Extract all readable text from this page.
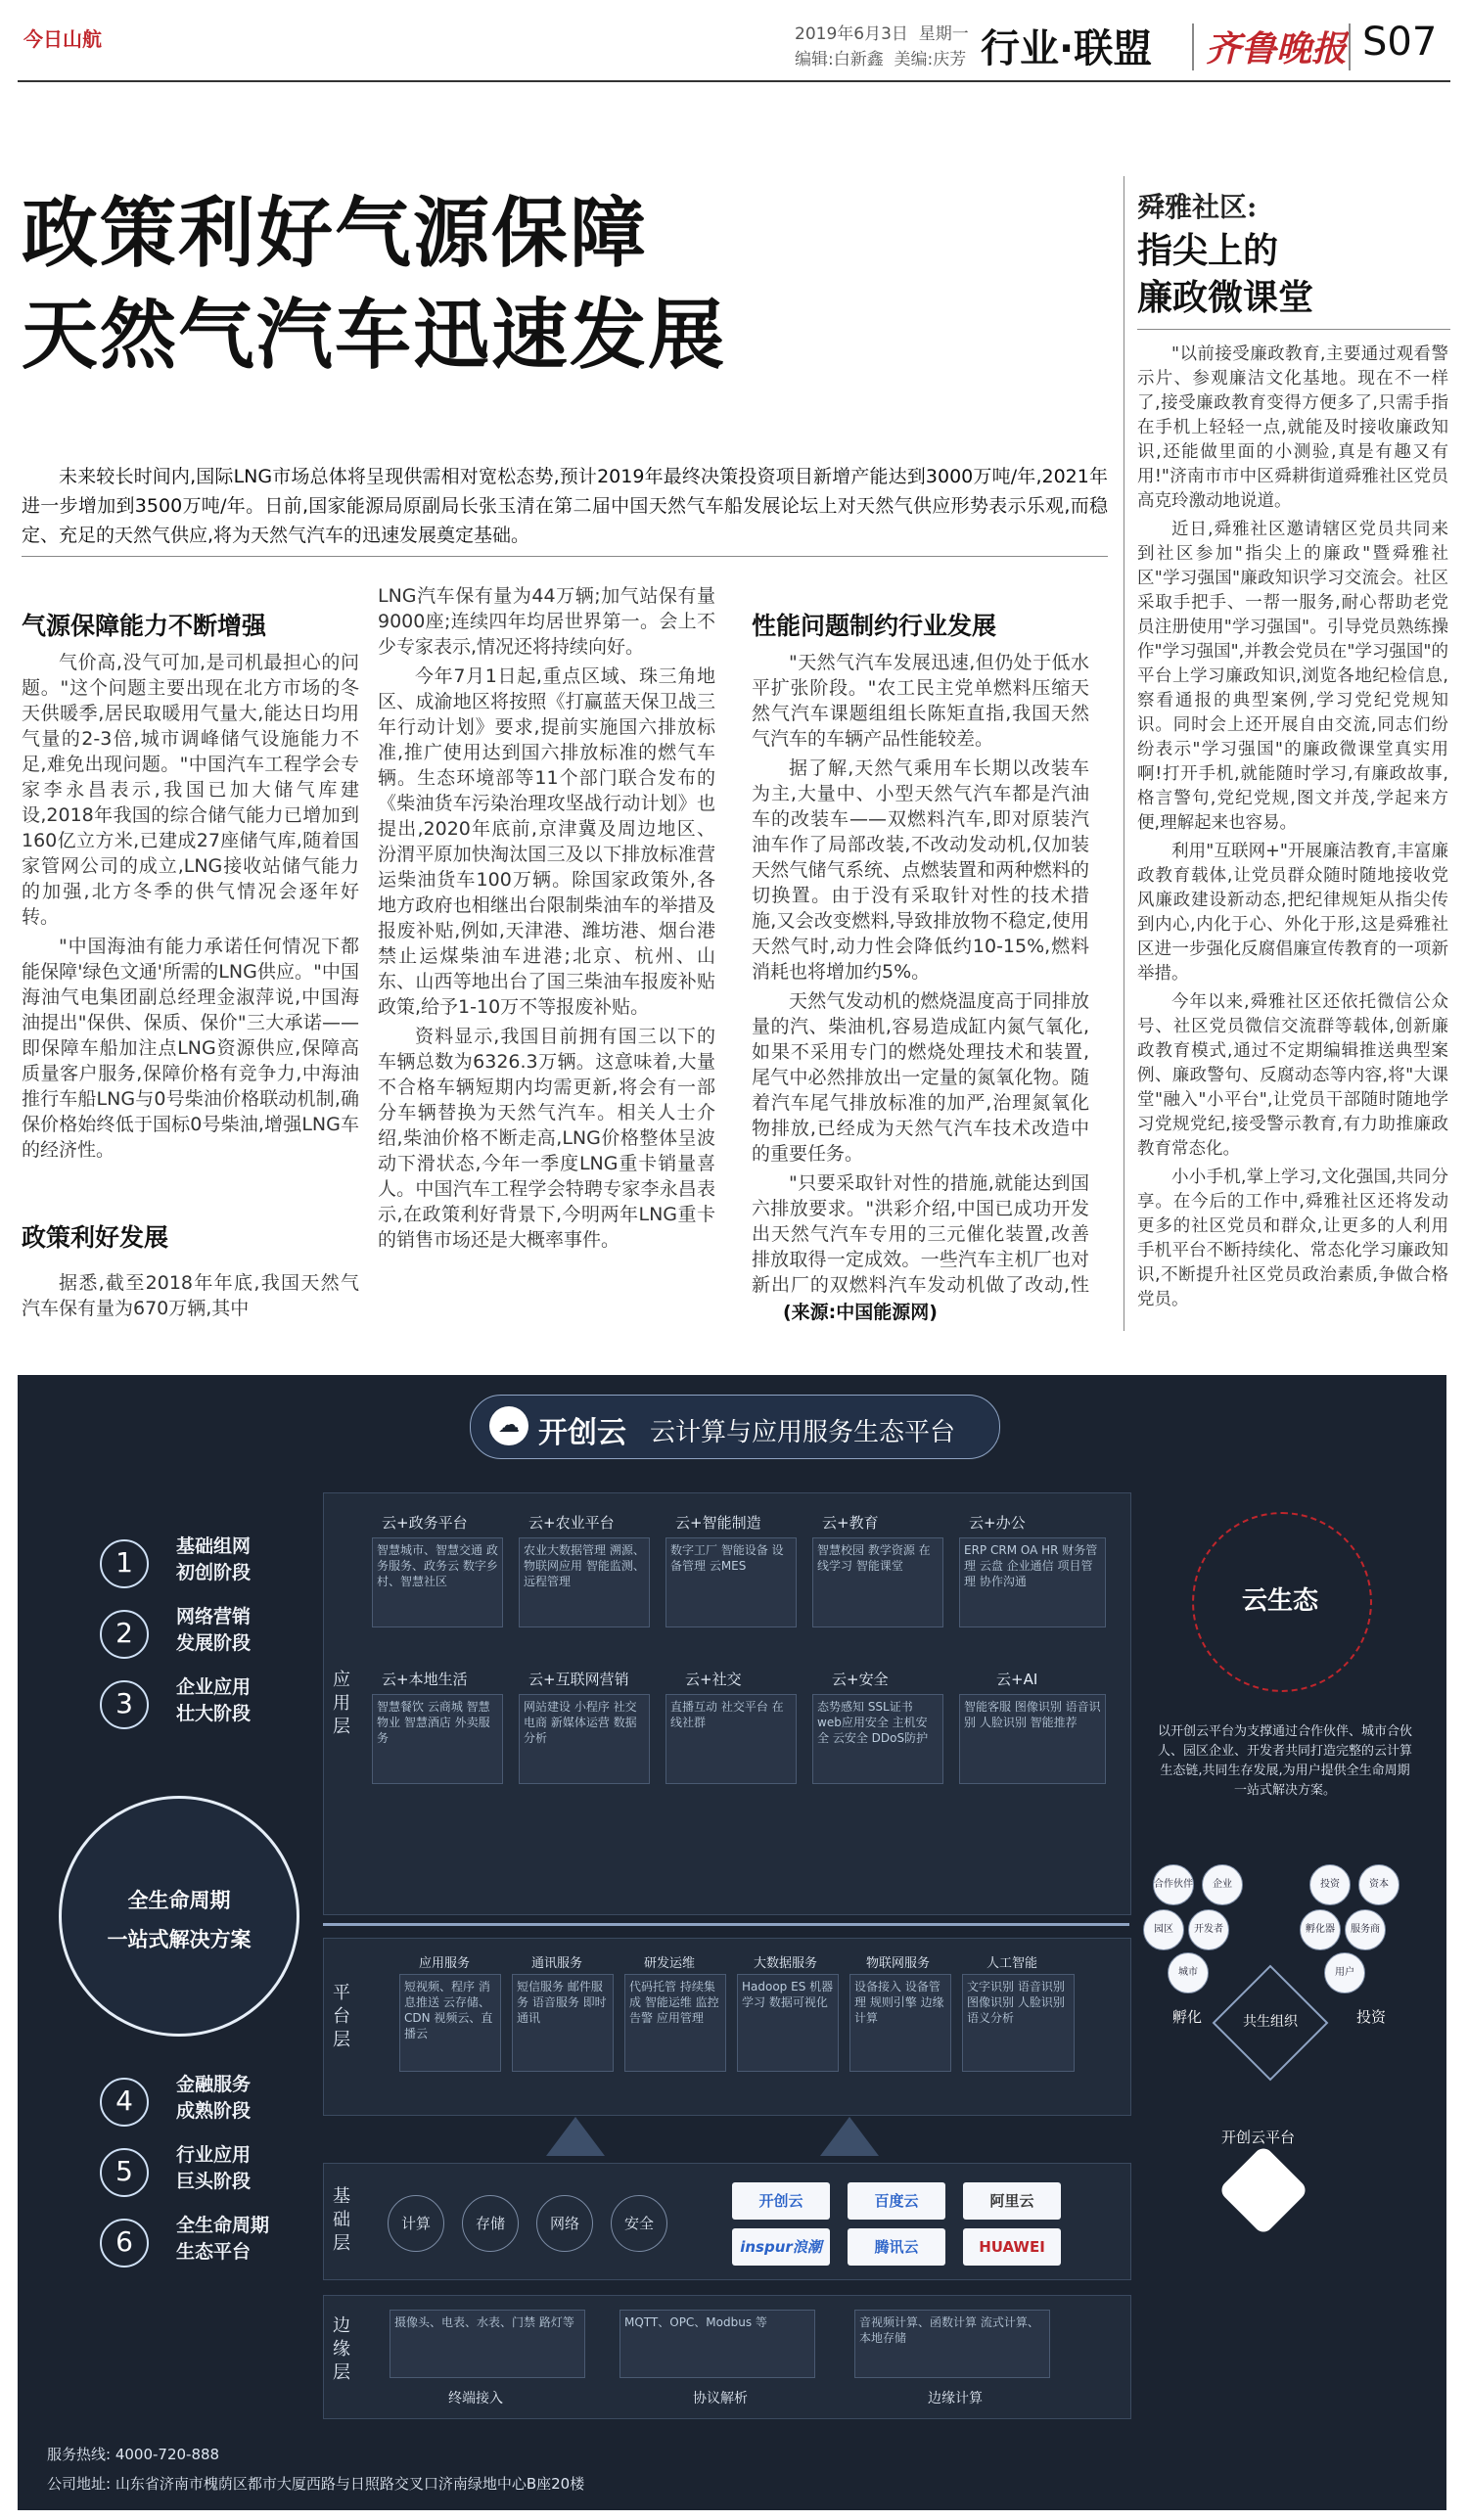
今日山航	2019年6月3日 星期一
编辑:白新鑫 美编:庆芳 行业·联盟 齐鲁晚报 S07
政策利好气源保障
天然气汽车迅速发展

未来较长时间内,国际LNG市场总体将呈现供需相对宽松态势,预计2019年最终决策投资项目新增产能达到3000万吨/年,2021年进一步增加到3500万吨/年。日前,国家能源局原副局长张玉清在第二届中国天然气车船发展论坛上对天然气供应形势表示乐观,而稳定、充足的天然气供应,将为天然气汽车的迅速发展奠定基础。

气源保障能力不断增强

气价高,没气可加,是司机最担心的问题。"这个问题主要出现在北方市场的冬天供暖季,居民取暖用气量大,能达日均用气量的2-3倍,城市调峰储气设施能力不足,难免出现问题。"中国汽车工程学会专家李永昌表示,我国已加大储气库建设,2018年我国的综合储气能力已增加到160亿立方米,已建成27座储气库,随着国家管网公司的成立,LNG接收站储气能力的加强,北方冬季的供气情况会逐年好转。

"中国海油有能力承诺任何情况下都能保障'绿色文通'所需的LNG供应。"中国海油气电集团副总经理金淑萍说,中国海油提出"保供、保质、保价"三大承诺——即保障车船加注点LNG资源供应,保障高质量客户服务,保障价格有竞争力,中海油推行车船LNG与0号柴油价格联动机制,确保价格始终低于国标0号柴油,增强LNG车的经济性。

政策利好发展

据悉,截至2018年年底,我国天然气汽车保有量为670万辆,其中

LNG汽车保有量为44万辆;加气站保有量9000座;连续四年均居世界第一。会上不少专家表示,情况还将持续向好。

今年7月1日起,重点区域、珠三角地区、成渝地区将按照《打赢蓝天保卫战三年行动计划》要求,提前实施国六排放标准,推广使用达到国六排放标准的燃气车辆。生态环境部等11个部门联合发布的《柴油货车污染治理攻坚战行动计划》也提出,2020年底前,京津冀及周边地区、汾渭平原加快淘汰国三及以下排放标准营运柴油货车100万辆。除国家政策外,各地方政府也相继出台限制柴油车的举措及报废补贴,例如,天津港、潍坊港、烟台港禁止运煤柴油车进港;北京、杭州、山东、山西等地出台了国三柴油车报废补贴政策,给予1-10万不等报废补贴。

资料显示,我国目前拥有国三以下的车辆总数为6326.3万辆。这意味着,大量不合格车辆短期内均需更新,将会有一部分车辆替换为天然气汽车。相关人士介绍,柴油价格不断走高,LNG价格整体呈波动下滑状态,今年一季度LNG重卡销量喜人。中国汽车工程学会特聘专家李永昌表示,在政策利好背景下,今明两年LNG重卡的销售市场还是大概率事件。

性能问题制约行业发展

"天然气汽车发展迅速,但仍处于低水平扩张阶段。"农工民主党单燃料压缩天然气汽车课题组组长陈矩直指,我国天然气汽车的车辆产品性能较差。

据了解,天然气乘用车长期以改装车为主,大量中、小型天然气汽车都是汽油车的改装车——双燃料汽车,即对原装汽油车作了局部改装,不改动发动机,仅加装天然气储气系统、点燃装置和两种燃料的切换置。由于没有采取针对性的技术措施,又会改变燃料,导致排放物不稳定,使用天然气时,动力性会降低约10-15%,燃料消耗也将增加约5%。

天然气发动机的燃烧温度高于同排放量的汽、柴油机,容易造成缸内氮气氧化,如果不采用专门的燃烧处理技术和装置,尾气中必然排放出一定量的氮氧化物。随着汽车尾气排放标准的加严,治理氮氧化物排放,已经成为天然气汽车技术改造中的重要任务。

"只要采取针对性的措施,就能达到国六排放要求。"洪彩介绍,中国已成功开发出天然气汽车专用的三元催化装置,改善排放取得一定成效。一些汽车主机厂也对新出厂的双燃料汽车发动机做了改动,性

(来源:中国能源网)
舜雅社区:
指尖上的
廉政微课堂

"以前接受廉政教育,主要通过观看警示片、参观廉洁文化基地。现在不一样了,接受廉政教育变得方便多了,只需手指在手机上轻轻一点,就能及时接收廉政知识,还能做里面的小测验,真是有趣又有用!"济南市市中区舜耕街道舜雅社区党员高克玲激动地说道。

近日,舜雅社区邀请辖区党员共同来到社区参加"指尖上的廉政"暨舜雅社区"学习强国"廉政知识学习交流会。社区采取手把手、一帮一服务,耐心帮助老党员注册使用"学习强国"。引导党员熟练操作"学习强国",并教会党员在"学习强国"的平台上学习廉政知识,浏览各地纪检信息,察看通报的典型案例,学习党纪党规知识。同时会上还开展自由交流,同志们纷纷表示"学习强国"的廉政微课堂真实用啊!打开手机,就能随时学习,有廉政故事,格言警句,党纪党规,图文并茂,学起来方便,理解起来也容易。

利用"互联网+"开展廉洁教育,丰富廉政教育载体,让党员群众随时随地接收党风廉政建设新动态,把纪律规矩从指尖传到内心,内化于心、外化于形,这是舜雅社区进一步强化反腐倡廉宣传教育的一项新举措。

今年以来,舜雅社区还依托微信公众号、社区党员微信交流群等载体,创新廉政教育模式,通过不定期编辑推送典型案例、廉政警句、反腐动态等内容,将"大课堂"融入"小平台",让党员干部随时随地学习党规党纪,接受警示教育,有力助推廉政教育常态化。

小小手机,掌上学习,文化强国,共同分享。在今后的工作中,舜雅社区还将发动更多的社区党员和群众,让更多的人利用手机平台不断持续化、常态化学习廉政知识,不断提升社区党员政治素质,争做合格党员。

☁ 开创云 云计算与应用服务生态平台
1	基础组网
初创阶段
2	网络营销
发展阶段
3	企业应用
壮大阶段
全生命周期
一站式解决方案
4	金融服务
成熟阶段
5	行业应用
巨头阶段
6	全生命周期
生态平台
应用层
云+政务平台
智慧城市、智慧交通 政务服务、政务云 数字乡村、智慧社区
云+农业平台
农业大数据管理 溯源、物联网应用 智能监测、远程管理
云+智能制造
数字工厂 智能设备 设备管理 云MES
云+教育
智慧校园 教学资源 在线学习 智能课堂
云+办公
ERP CRM OA HR 财务管理 云盘 企业通信 项目管理 协作沟通
云+本地生活
智慧餐饮 云商城 智慧物业 智慧酒店 外卖服务
云+互联网营销
网站建设 小程序 社交电商 新媒体运营 数据分析
云+社交
直播互动 社交平台 在线社群
云+安全
态势感知 SSL证书 web应用安全 主机安全 云安全 DDoS防护
云+AI
智能客服 图像识别 语音识别 人脸识别 智能推荐
平台层
应用服务
短视频、程序 消息推送 云存储、CDN 视频云、直播云
通讯服务
短信服务 邮件服务 语音服务 即时通讯
研发运维
代码托管 持续集成 智能运维 监控告警 应用管理
大数据服务
Hadoop ES 机器学习 数据可视化
物联网服务
设备接入 设备管理 规则引擎 边缘计算
人工智能
文字识别 语音识别 图像识别 人脸识别 语义分析
基础层
计算	存储	网络	安全
开创云	百度云	阿里云
inspur浪潮	腾讯云	HUAWEI
边缘层
摄像头、电表、水表、门禁 路灯等
终端接入
MQTT、OPC、Modbus 等
协议解析
音视频计算、函数计算 流式计算、本地存储
边缘计算
云生态
以开创云平台为支撑通过合作伙伴、城市合伙人、园区企业、开发者共同打造完整的云计算生态链,共同生存发展,为用户提供全生命周期一站式解决方案。
合作伙伴	企业
园区	开发者
城市
投资	资本
孵化器	服务商
用户
孵化	投资
共生组织
开创云平台
服务热线: 4000-720-888
公司地址: 山东省济南市槐荫区都市大厦西路与日照路交叉口济南绿地中心B座20楼
